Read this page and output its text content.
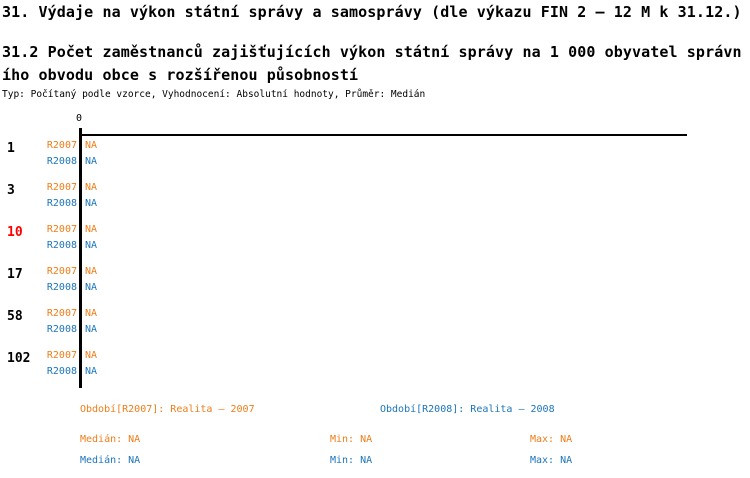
31. Výdaje na výkon státní správy a samosprávy (dle výkazu FIN 2 – 12 M k 31.12.)
31.2 Počet zaměstnanců zajišťujících výkon státní správy na 1 000 obyvatel správn
ího obvodu obce s rozšířenou působností
Typ: Počítaný podle vzorce, Vyhodnocení: Absolutní hodnoty, Průměr: Medián
0
1	R2007 NA
R2008 NA
3	R2007 NA
R2008 NA
10	R2007 NA
R2008 NA
17	R2007 NA
R2008 NA
58	R2007 NA
R2008 NA
102	R2007 NA
R2008 NA
Období[R2007]: Realita – 2007	Období[R2008]: Realita – 2008
Medián: NA	Min: NA	Max: NA
Medián: NA	Min: NA	Max: NA
